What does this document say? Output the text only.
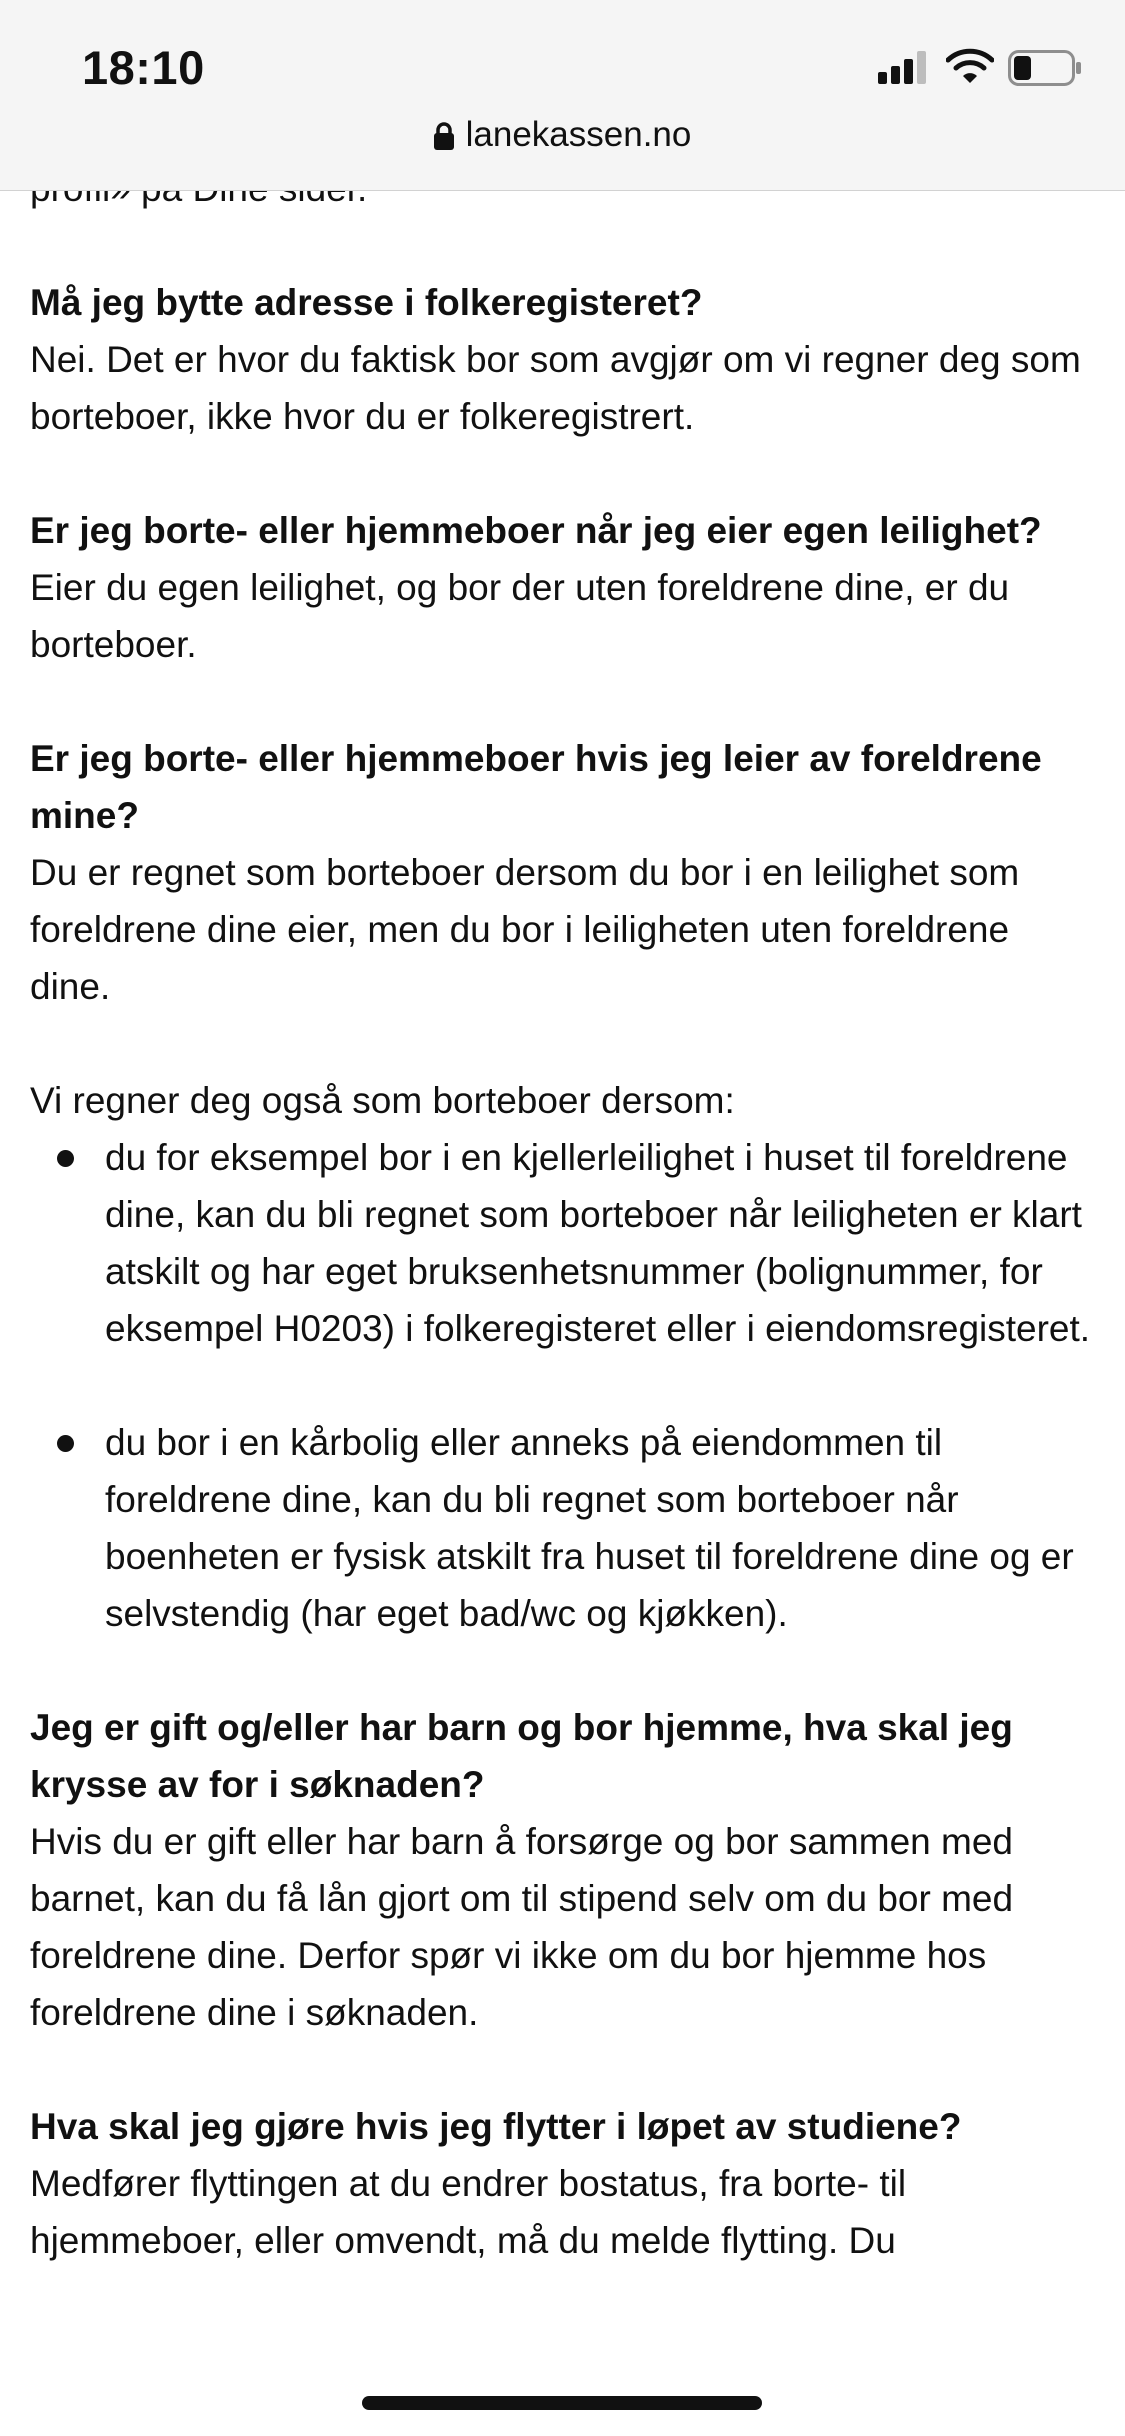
18:10
lanekassen.no

Må jeg bytte adresse i folkeregisteret?

Nei. Det er hvor du faktisk bor som avgjør om vi regner deg som borteboer, ikke hvor du er folkeregistrert.

Er jeg borte- eller hjemmeboer når jeg eier egen leilighet?

Eier du egen leilighet, og bor der uten foreldrene dine, er du borteboer.

Er jeg borte- eller hjemmeboer hvis jeg leier av foreldrene mine?

Du er regnet som borteboer dersom du bor i en leilighet som foreldrene dine eier, men du bor i leiligheten uten foreldrene dine.

Vi regner deg også som borteboer dersom:

du for eksempel bor i en kjellerleilighet i huset til foreldrene dine, kan du bli regnet som borteboer når leiligheten er klart atskilt og har eget bruksenhetsnummer (bolignummer, for eksempel H0203) i folkeregisteret eller i eiendomsregisteret.
du bor i en kårbolig eller anneks på eiendommen til foreldrene dine, kan du bli regnet som borteboer når boenheten er fysisk atskilt fra huset til foreldrene dine og er selvstendig (har eget bad/wc og kjøkken).

Jeg er gift og/eller har barn og bor hjemme, hva skal jeg krysse av for i søknaden?

Hvis du er gift eller har barn å forsørge og bor sammen med barnet, kan du få lån gjort om til stipend selv om du bor med foreldrene dine. Derfor spør vi ikke om du bor hjemme hos foreldrene dine i søknaden.

Hva skal jeg gjøre hvis jeg flytter i løpet av studiene?

Medfører flyttingen at du endrer bostatus, fra borte- til hjemmeboer, eller omvendt, må du melde flytting. Du
